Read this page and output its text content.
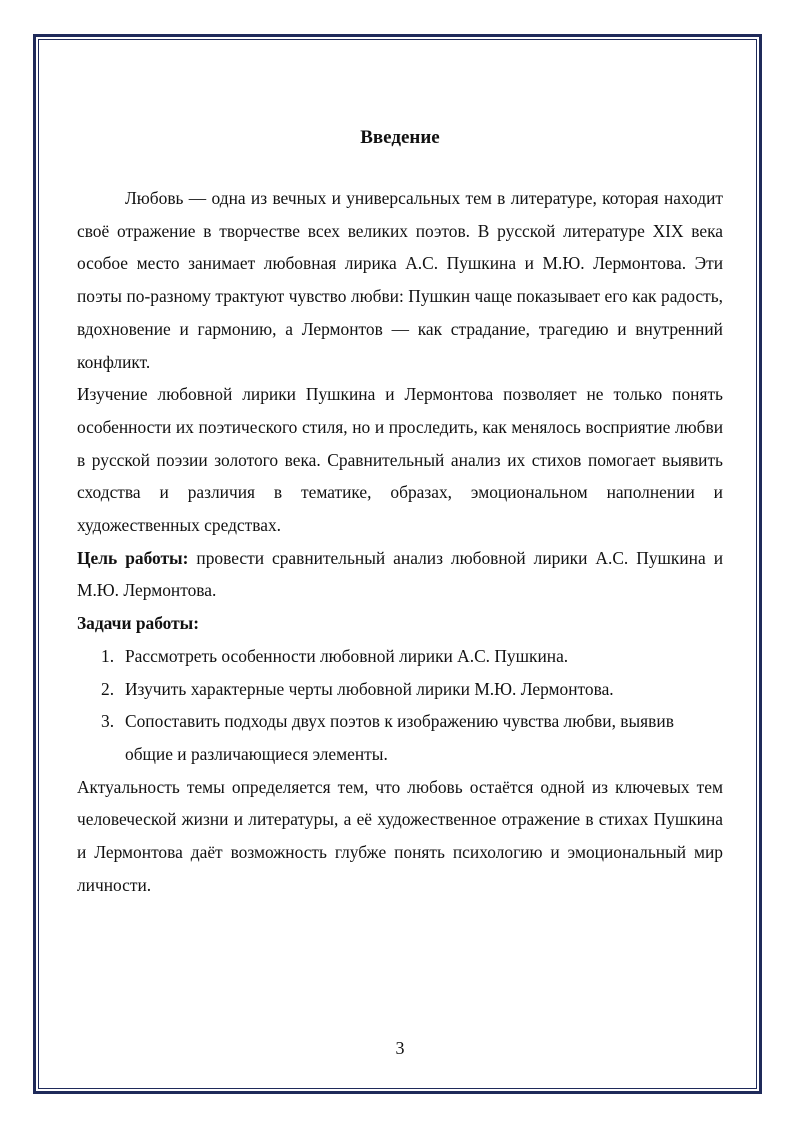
Введение

Любовь — одна из вечных и универсальных тем в литературе, которая находит своё отражение в творчестве всех великих поэтов. В русской литературе XIX века особое место занимает любовная лирика А.С. Пушкина и М.Ю. Лермонтова. Эти поэты по-разному трактуют чувство любви: Пушкин чаще показывает его как радость, вдохновение и гармонию, а Лермонтов — как страдание, трагедию и внутренний конфликт.

Изучение любовной лирики Пушкина и Лермонтова позволяет не только понять особенности их поэтического стиля, но и проследить, как менялось восприятие любви в русской поэзии золотого века. Сравнительный анализ их стихов помогает выявить сходства и различия в тематике, образах, эмоциональном наполнении и художественных средствах.

Цель работы: провести сравнительный анализ любовной лирики А.С. Пушкина и М.Ю. Лермонтова.

Задачи работы:

1. Рассмотреть особенности любовной лирики А.С. Пушкина.
2. Изучить характерные черты любовной лирики М.Ю. Лермонтова.
3. Сопоставить подходы двух поэтов к изображению чувства любви, выявив общие и различающиеся элементы.

Актуальность темы определяется тем, что любовь остаётся одной из ключевых тем человеческой жизни и литературы, а её художественное отражение в стихах Пушкина и Лермонтова даёт возможность глубже понять психологию и эмоциональный мир личности.

3
